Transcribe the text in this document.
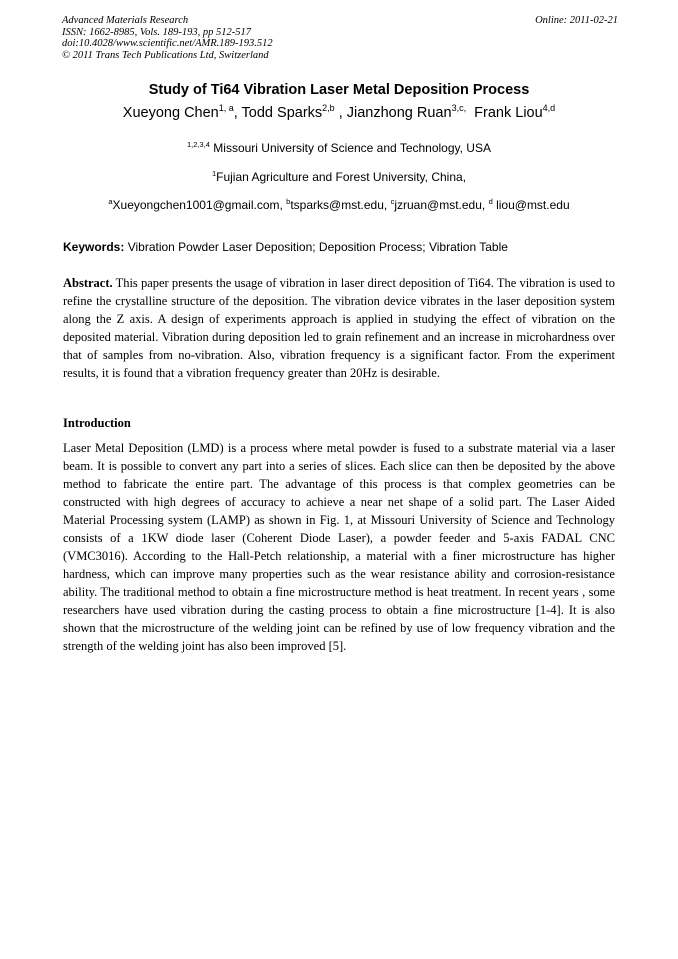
Advanced Materials Research
ISSN: 1662-8985, Vols. 189-193, pp 512-517
doi:10.4028/www.scientific.net/AMR.189-193.512
© 2011 Trans Tech Publications Ltd, Switzerland
Online: 2011-02-21
Study of Ti64 Vibration Laser Metal Deposition Process
Xueyong Chen$^{1, a}$, Todd Sparks$^{2,b}$ , Jianzhong Ruan$^{3,c,}$ Frank Liou$^{4,d}$
$^{1,2,3,4}$ Missouri University of Science and Technology, USA
$^1$Fujian Agriculture and Forest University, China,
$^a$Xueyongchen1001@gmail.com, $^b$tsparks@mst.edu, $^c$jzruan@mst.edu, $^d$ liou@mst.edu
Keywords: Vibration Powder Laser Deposition; Deposition Process; Vibration Table
Abstract. This paper presents the usage of vibration in laser direct deposition of Ti64. The vibration is used to refine the crystalline structure of the deposition. The vibration device vibrates in the laser deposition system along the Z axis. A design of experiments approach is applied in studying the effect of vibration on the deposited material. Vibration during deposition led to grain refinement and an increase in microhardness over that of samples from no-vibration. Also, vibration frequency is a significant factor. From the experiment results, it is found that a vibration frequency greater than 20Hz is desirable.
Introduction
Laser Metal Deposition (LMD) is a process where metal powder is fused to a substrate material via a laser beam. It is possible to convert any part into a series of slices. Each slice can then be deposited by the above method to fabricate the entire part. The advantage of this process is that complex geometries can be constructed with high degrees of accuracy to achieve a near net shape of a solid part. The Laser Aided Material Processing system (LAMP) as shown in Fig. 1, at Missouri University of Science and Technology consists of a 1KW diode laser (Coherent Diode Laser), a powder feeder and 5-axis FADAL CNC (VMC3016). According to the Hall-Petch relationship, a material with a finer microstructure has higher hardness, which can improve many properties such as the wear resistance ability and corrosion-resistance ability. The traditional method to obtain a fine microstructure method is heat treatment. In recent years , some researchers have used vibration during the casting process to obtain a fine microstructure [1-4]. It is also shown that the microstructure of the welding joint can be refined by use of low frequency vibration and the strength of the welding joint has also been improved [5].
